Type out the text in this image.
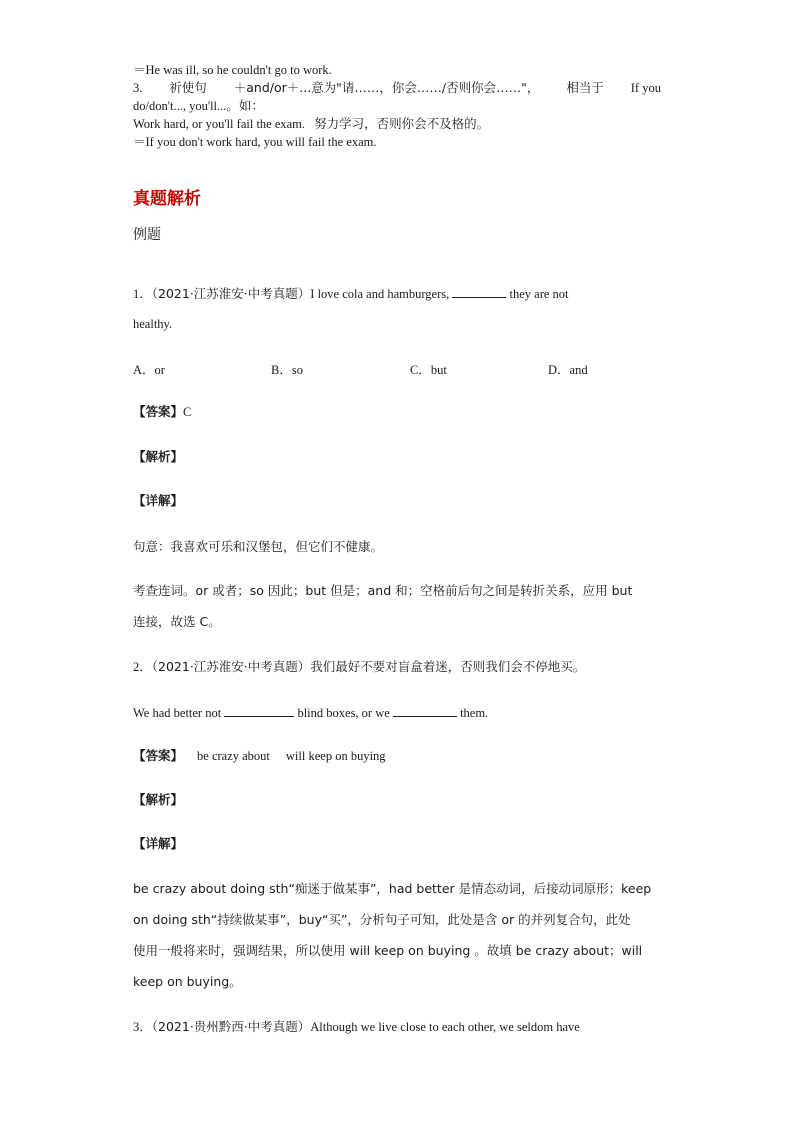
＝He was ill, so he couldn't go to work.
3. 祈使句 ＋and/or＋...意为"请……，你会……/否则你会……"， 相当于 If you
do/don't..., you'll...。如：
Work hard, or you'll fail the exam. 努力学习，否则你会不及格的。
＝If you don't work hard, you will fail the exam.
真题解析
例题
1．（2021·江苏淮安·中考真题）I love cola and hamburgers,	they are not
healthy.
A．or	B．so	C．but	D．and
【答案】C
【解析】
【详解】
句意：我喜欢可乐和汉堡包，但它们不健康。
考查连词。or 或者；so 因此；but 但是；and 和；空格前后句之间是转折关系，应用 but
连接，故选 C。
2．（2021·江苏淮安·中考真题）我们最好不要对盲盒着迷，否则我们会不停地买。
We had better not	blind boxes, or we	them.
【答案】 be crazy about will keep on buying
【解析】
【详解】
be crazy about doing sth“痴迷于做某事”，had better 是情态动词，后接动词原形；keep
on doing sth“持续做某事”，buy“买”，分析句子可知，此处是含 or 的并列复合句，此处
使用一般将来时，强调结果，所以使用 will keep on buying 。故填 be crazy about；will
keep on buying。
3．（2021·贵州黔西·中考真题）Although we live close to each other, we seldom have
